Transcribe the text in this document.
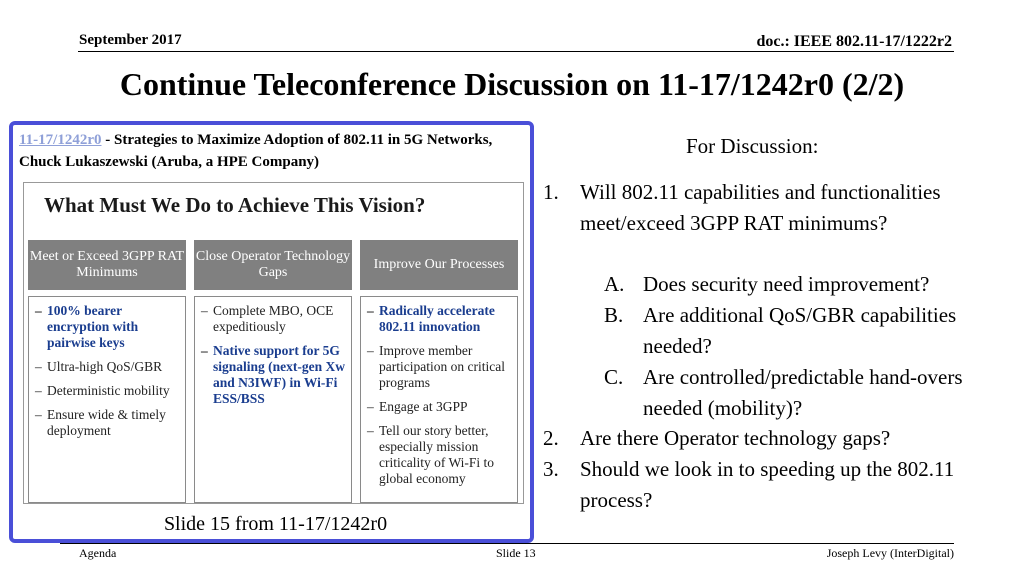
September 2017	doc.: IEEE 802.11-17/1222r2
Continue Teleconference Discussion on 11-17/1242r0 (2/2)
11-17/1242r0 - Strategies to Maximize Adoption of 802.11 in 5G Networks, Chuck Lukaszewski (Aruba, a HPE Company)
What Must We Do to Achieve This Vision?
Meet or Exceed 3GPP RAT Minimums
Close Operator Technology Gaps
Improve Our Processes
– 100% bearer encryption with pairwise keys
– Ultra-high QoS/GBR
– Deterministic mobility
– Ensure wide & timely deployment
– Complete MBO, OCE expeditiously
– Native support for 5G signaling (next-gen Xw and N3IWF) in Wi-Fi ESS/BSS
– Radically accelerate 802.11 innovation
– Improve member participation on critical programs
– Engage at 3GPP
– Tell our story better, especially mission criticality of Wi-Fi to global economy
Slide 15 from 11-17/1242r0
For Discussion:
1. Will 802.11 capabilities and functionalities meet/exceed 3GPP RAT minimums?
A. Does security need improvement?
B. Are additional QoS/GBR capabilities needed?
C. Are controlled/predictable hand-overs needed (mobility)?
2. Are there Operator technology gaps?
3. Should we look in to speeding up the 802.11 process?
Agenda	Slide 13	Joseph Levy (InterDigital)
